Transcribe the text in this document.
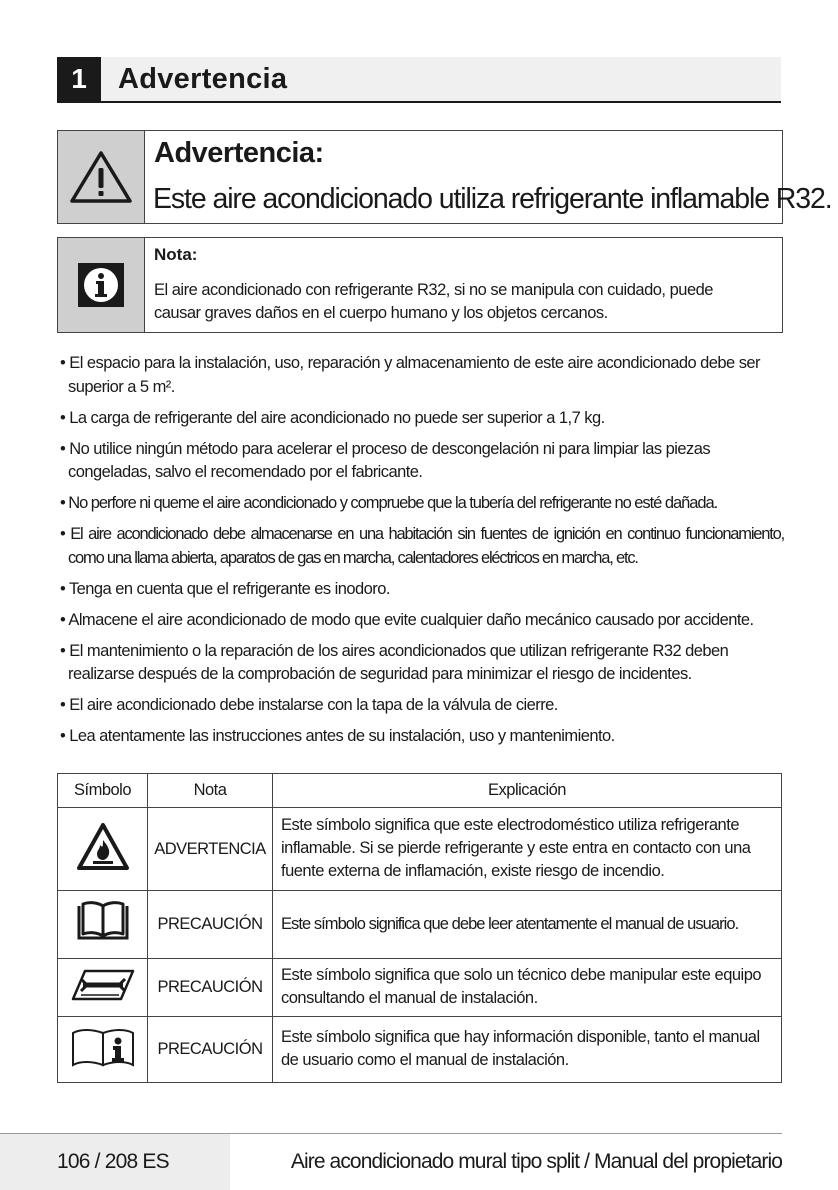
1	Advertencia
Advertencia:
Este aire acondicionado utiliza refrigerante inflamable R32.
Nota:
El aire acondicionado con refrigerante R32, si no se manipula con cuidado, puede
causar graves daños en el cuerpo humano y los objetos cercanos.
• El espacio para la instalación, uso, reparación y almacenamiento de este aire acondicionado debe ser superior a 5 m².
• La carga de refrigerante del aire acondicionado no puede ser superior a 1,7 kg.
• No utilice ningún método para acelerar el proceso de descongelación ni para limpiar las piezas congeladas, salvo el recomendado por el fabricante.
• No perfore ni queme el aire acondicionado y compruebe que la tubería del refrigerante no esté dañada.
• El aire acondicionado debe almacenarse en una habitación sin fuentes de ignición en continuo funcionamiento, como una llama abierta, aparatos de gas en marcha, calentadores eléctricos en marcha, etc.
• Tenga en cuenta que el refrigerante es inodoro.
• Almacene el aire acondicionado de modo que evite cualquier daño mecánico causado por accidente.
• El mantenimiento o la reparación de los aires acondicionados que utilizan refrigerante R32 deben realizarse después de la comprobación de seguridad para minimizar el riesgo de incidentes.
• El aire acondicionado debe instalarse con la tapa de la válvula de cierre.
• Lea atentamente las instrucciones antes de su instalación, uso y mantenimiento.
Símbolo	Nota	Explicación
	ADVERTENCIA	Este símbolo significa que este electrodoméstico utiliza refrigerante inflamable. Si se pierde refrigerante y este entra en contacto con una fuente externa de inflamación, existe riesgo de incendio.
	PRECAUCIÓN	Este símbolo significa que debe leer atentamente el manual de usuario.
	PRECAUCIÓN	Este símbolo significa que solo un técnico debe manipular este equipo consultando el manual de instalación.
	PRECAUCIÓN	Este símbolo significa que hay información disponible, tanto el manual de usuario como el manual de instalación.
106 / 208 ES	Aire acondicionado mural tipo split / Manual del propietario
